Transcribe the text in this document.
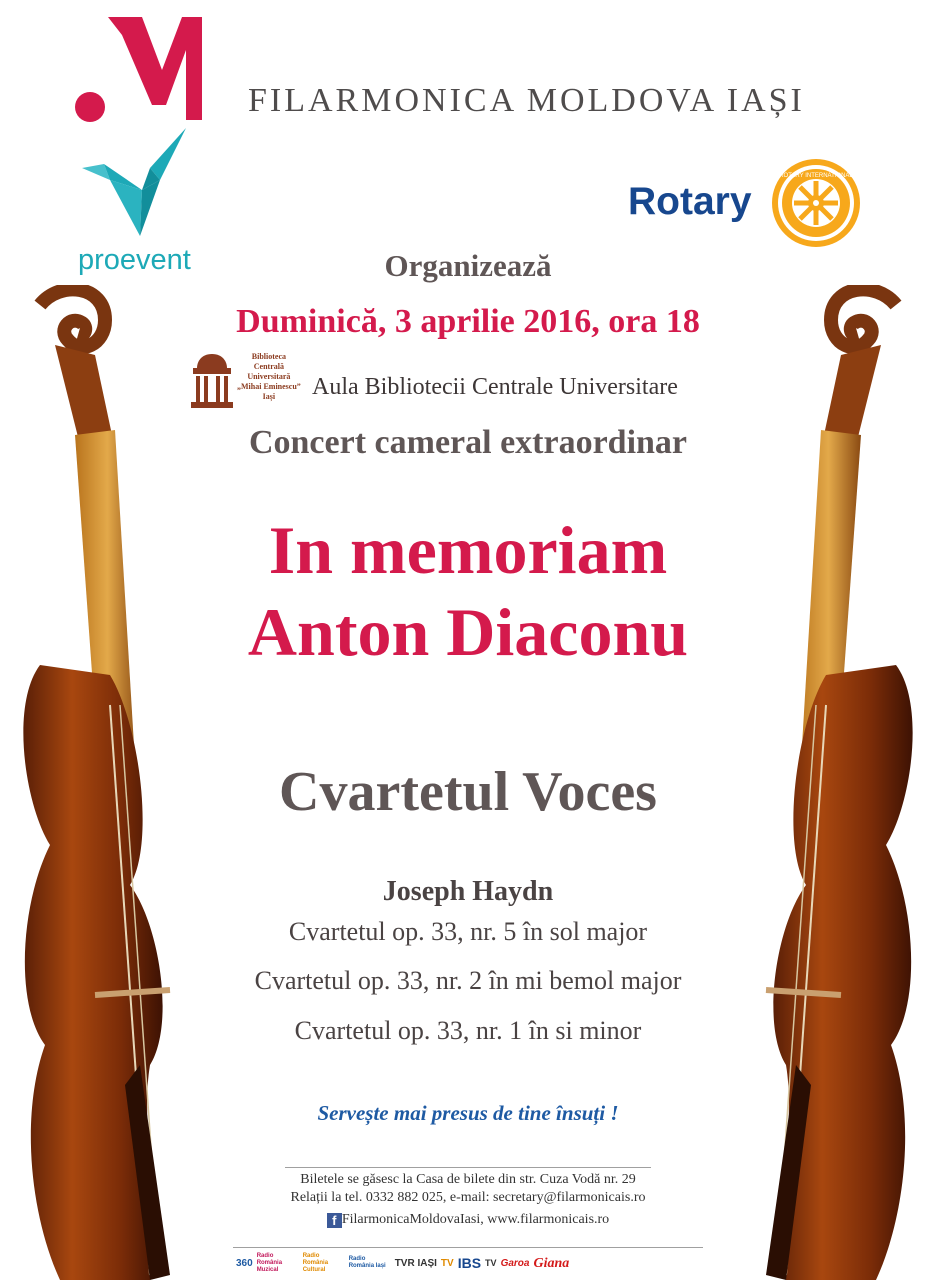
proevent
FILARMONICA MOLDOVA IAȘI
Rotary
ROTARY INTERNATIONAL
Organizează
Duminică, 3 aprilie 2016, ora 18
Biblioteca
Centrală
Universitară
„Mihai Eminescu”
Iași	Aula Bibliotecii Centrale Universitare
Concert cameral extraordinar
In memoriam
Anton Diaconu
Cvartetul Voces
Joseph Haydn
Cvartetul op. 33, nr. 5 în sol major
Cvartetul op. 33, nr. 2 în mi bemol major
Cvartetul op. 33, nr. 1 în si minor
Servește mai presus de tine însuți !
Biletele se găsesc la Casa de bilete din str. Cuza Vodă nr. 29
Relații la tel. 0332 882 025, e-mail: secretary@filarmonicais.ro
f FilarmonicaMoldovaIasi, www.filarmonicais.ro
360
Radio România Muzical
Radio România Cultural
Radio România Iași TVR IAȘI TV IBS TV Garoa Giana
